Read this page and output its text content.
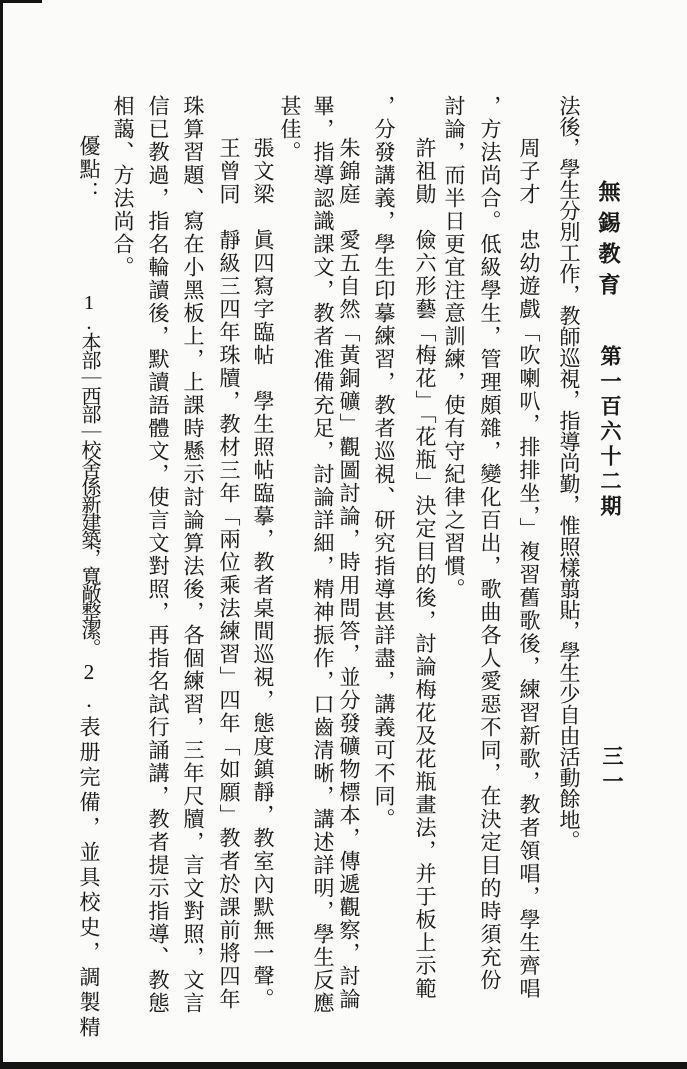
無錫教育
第一百六十二期
三一
法後，學生分別工作，教師巡視，指導尚勤，惟照樣翦貼，學生少自由活動餘地。
周子才　忠幼遊戲「吹喇叭，排排坐，」複習舊歌後，練習新歌，教者領唱，學生齊唱
，方法尚合。低級學生，管理頗雜，變化百出，歌曲各人愛惡不同，在決定目的時須充份
討論，而半日更宜注意訓練，使有守紀律之習慣。
許祖勛　儉六形藝「梅花」「花瓶」決定目的後，討論梅花及花瓶畫法，并于板上示範
，分發講義，學生印摹練習，教者巡視、研究指導甚詳盡，講義可不同。
朱錦庭　愛五自然「黃銅礦」觀圖討論，時用問答，並分發礦物標本，傳遞觀察，討論
畢，指導認識課文，教者准備充足，討論詳細，精神振作，口齒清晰，講述詳明，學生反應
甚佳。
張文梁　眞四寫字臨帖　學生照帖臨摹，教者桌間巡視，態度鎮靜，教室內默無一聲。
王曾同　靜級三四年珠牘，教材三年「兩位乘法練習」四年「如願」教者於課前將四年
珠算習題、寫在小黑板上，上課時懸示討論算法後，各個練習，三年尺牘，言文對照，文言
信已教過，指名輪讀後，默讀語體文，使言文對照，再指名試行誦講，教者提示指導、教態
相藹、方法尚合。
優點：
1.本部｜西部｜校舍係新建築，寬敞整潔。
2.表册完備，並具校史，調製精
